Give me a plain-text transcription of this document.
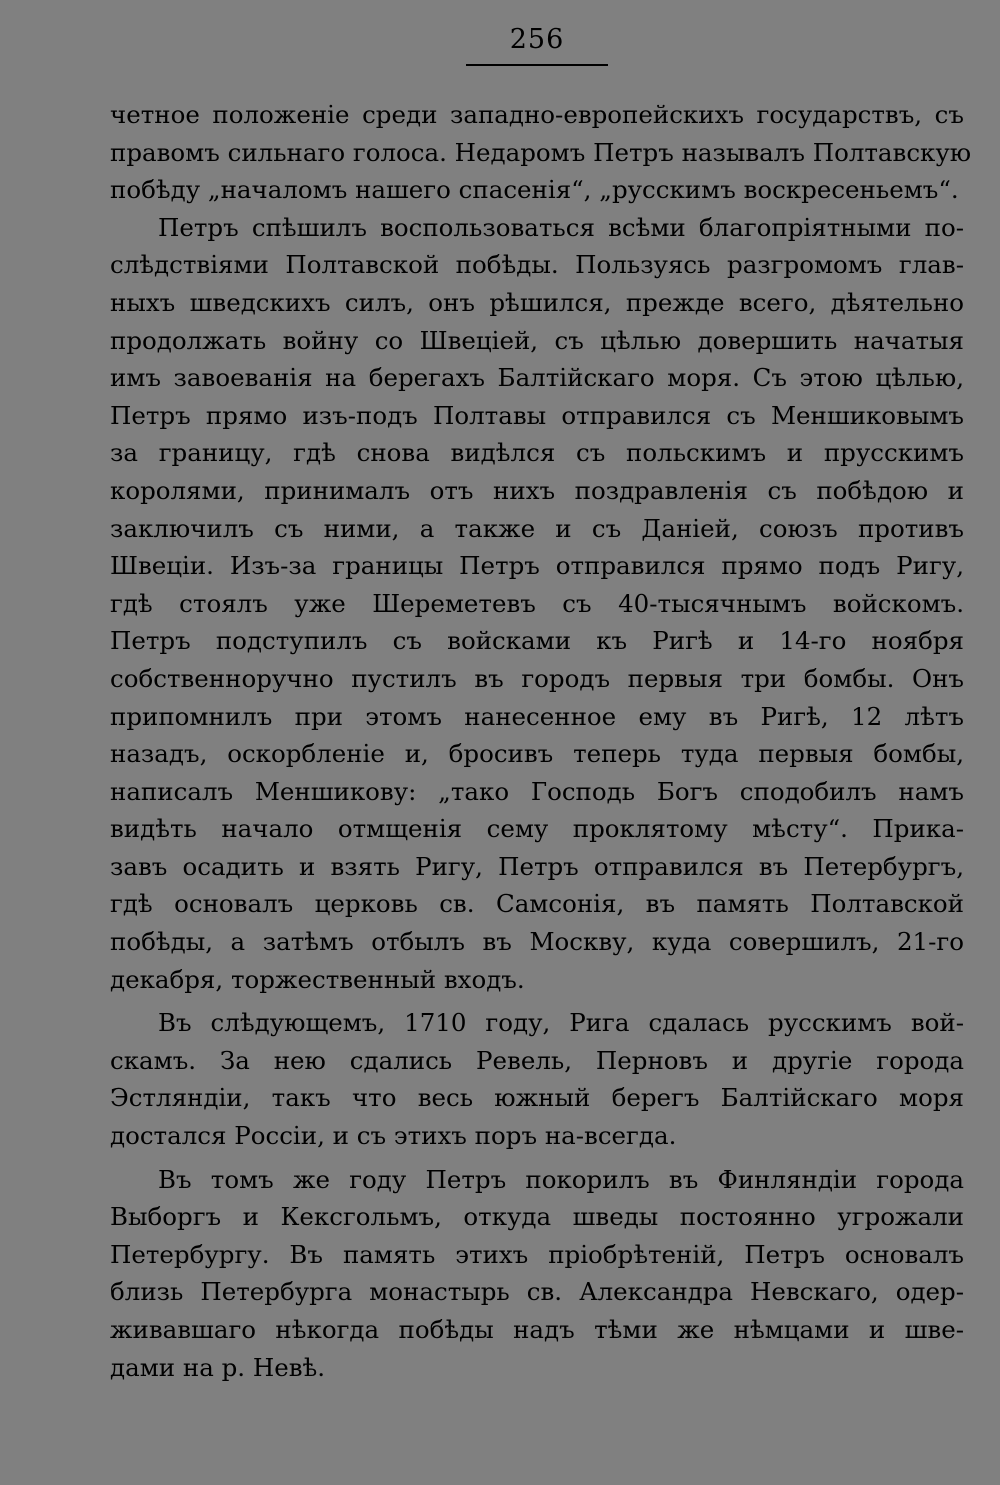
256
четное положеніе среди западно-европейскихъ государствъ, съ
правомъ сильнаго голоса. Недаромъ Петръ называлъ Полтавскую
побѣду „началомъ нашего спасенія“, „русскимъ воскресеньемъ“.
Петръ спѣшилъ воспользоваться всѣми благопріятными по-
слѣдствіями Полтавской побѣды. Пользуясь разгромомъ глав-
ныхъ шведскихъ силъ, онъ рѣшился, прежде всего, дѣятельно
продолжать войну со Швеціей, съ цѣлью довершить начатыя
имъ завоеванія на берегахъ Балтійскаго моря. Съ этою цѣлью,
Петръ прямо изъ-подъ Полтавы отправился съ Меншиковымъ
за границу, гдѣ снова видѣлся съ польскимъ и прусскимъ
королями, принималъ отъ нихъ поздравленія съ побѣдою и
заключилъ съ ними, а также и съ Даніей, союзъ противъ
Швеціи. Изъ-за границы Петръ отправился прямо подъ Ригу,
гдѣ стоялъ уже Шереметевъ съ 40-тысячнымъ войскомъ.
Петръ подступилъ съ войсками къ Ригѣ и 14-го ноября
собственноручно пустилъ въ городъ первыя три бомбы. Онъ
припомнилъ при этомъ нанесенное ему въ Ригѣ, 12 лѣтъ
назадъ, оскорбленіе и, бросивъ теперь туда первыя бомбы,
написалъ Меншикову: „тако Господь Богъ сподобилъ намъ
видѣть начало отмщенія сему проклятому мѣсту“. Прика-
завъ осадить и взять Ригу, Петръ отправился въ Петербургъ,
гдѣ основалъ церковь св. Самсонія, въ память Полтавской
побѣды, а затѣмъ отбылъ въ Москву, куда совершилъ, 21-го
декабря, торжественный входъ.
Въ слѣдующемъ, 1710 году, Рига сдалась русскимъ вой-
скамъ. За нею сдались Ревель, Перновъ и другіе города
Эстляндіи, такъ что весь южный берегъ Балтійскаго моря
достался Россіи, и съ этихъ поръ на-всегда.
Въ томъ же году Петръ покорилъ въ Финляндіи города
Выборгъ и Кексгольмъ, откуда шведы постоянно угрожали
Петербургу. Въ память этихъ пріобрѣтеній, Петръ основалъ
близь Петербурга монастырь св. Александра Невскаго, одер-
живавшаго нѣкогда побѣды надъ тѣми же нѣмцами и шве-
дами на р. Невѣ.
